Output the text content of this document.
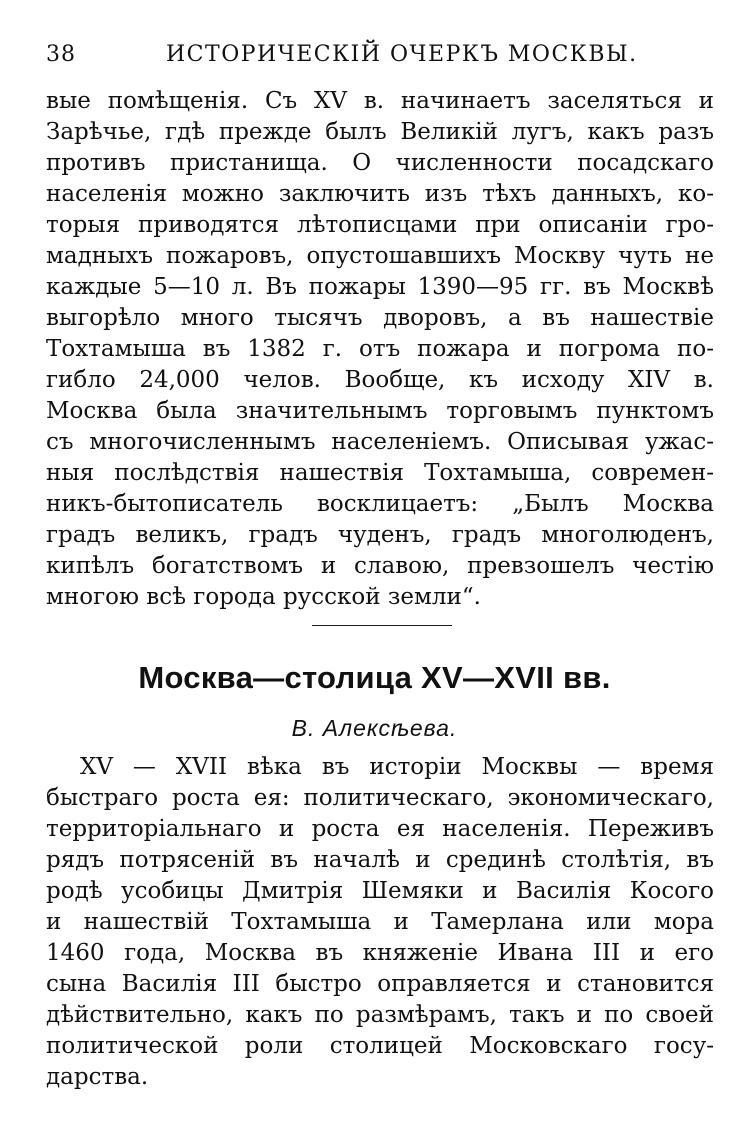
38	ИСТОРИЧЕСКIЙ ОЧЕРКЪ МОСКВЫ.
вые помѣщенія. Съ XV в. начинаетъ заселяться и
Зарѣчье, гдѣ прежде былъ Великій лугъ, какъ разъ
противъ пристанища. О численности посадскаго
населенія можно заключить изъ тѣхъ данныхъ, ко-
торыя приводятся лѣтописцами при описаніи гро-
мадныхъ пожаровъ, опустошавшихъ Москву чуть не
каждые 5—10 л. Въ пожары 1390—95 гг. въ Москвѣ
выгорѣло много тысячъ дворовъ, а въ нашествіе
Тохтамыша въ 1382 г. отъ пожара и погрома по-
гибло 24,000 челов. Вообще, къ исходу XIV в.
Москва была значительнымъ торговымъ пунктомъ
съ многочисленнымъ населеніемъ. Описывая ужас-
ныя послѣдствія нашествія Тохтамыша, современ-
никъ-бытописатель восклицаетъ: „Былъ Москва
градъ великъ, градъ чуденъ, градъ многолюденъ,
кипѣлъ богатствомъ и славою, превзошелъ честію
многою всѣ города русской земли“.
Москва—столица XV—XVII вв.
В. Алексѣева.
XV — XVII вѣка въ исторіи Москвы — время
быстраго роста ея: политическаго, экономическаго,
территоріальнаго и роста ея населенія. Переживъ
рядъ потрясеній въ началѣ и срединѣ столѣтія, въ
родѣ усобицы Дмитрія Шемяки и Василія Косого
и нашествій Тохтамыша и Тамерлана или мора
1460 года, Москва въ княженіе Ивана III и его
сына Василія III быстро оправляется и становится
дѣйствительно, какъ по размѣрамъ, такъ и по своей
политической роли столицей Московскаго госу-
дарства.
